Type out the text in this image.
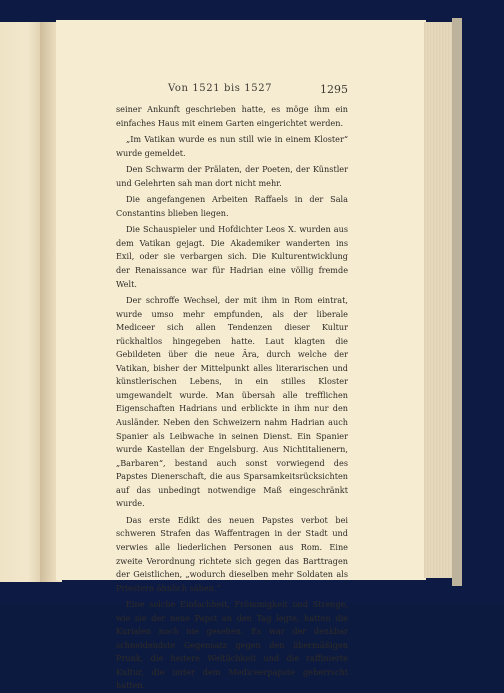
Von 1521 bis 1527	1295

seiner Ankunft geschrieben hatte, es möge ihm ein einfaches Haus mit einem Garten eingerichtet werden.

„Im Vatikan wurde es nun still wie in einem Kloster“ wurde gemeldet.

Den Schwarm der Prälaten, der Poeten, der Künstler und Gelehrten sah man dort nicht mehr.

Die angefangenen Arbeiten Raffaels in der Sala Constantins blieben liegen.

Die Schauspieler und Hofdichter Leos X. wurden aus dem Vatikan gejagt. Die Akademiker wanderten ins Exil, oder sie verbargen sich. Die Kulturentwicklung der Renaissance war für Hadrian eine völlig fremde Welt.

Der schroffe Wechsel, der mit ihm in Rom eintrat, wurde umso mehr empfunden, als der liberale Mediceer sich allen Tendenzen dieser Kultur rückhaltlos hingegeben hatte. Laut klagten die Gebildeten über die neue Ära, durch welche der Vatikan, bisher der Mittelpunkt alles literarischen und künstlerischen Lebens, in ein stilles Kloster umgewandelt wurde. Man übersah alle trefflichen Eigenschaften Hadrians und erblickte in ihm nur den Ausländer. Neben den Schweizern nahm Hadrian auch Spanier als Leibwache in seinen Dienst. Ein Spanier wurde Kastellan der Engelsburg. Aus Nichtitalienern, „Barbaren“, bestand auch sonst vorwiegend des Papstes Dienerschaft, die aus Sparsamkeitsrücksichten auf das unbedingt notwendige Maß eingeschränkt wurde.

Das erste Edikt des neuen Papstes verbot bei schweren Strafen das Waffentragen in der Stadt und verwies alle liederlichen Personen aus Rom. Eine zweite Verordnung richtete sich gegen das Barttragen der Geistlichen, „wodurch dieselben mehr Soldaten als Priestern ähnlich sähen.“

Eine solche Einfachheit, Frömmigkeit und Strenge, wie sie der neue Papst an den Tag legte, hatten die Kurialen noch nie gesehen. Es war der denkbar schneidendste Gegensatz gegen den übermäßigen Prunk, die heitere Weltlichkeit und die raffinierte Kultur, die unter dem Mediceerpapste geherrscht hatten.
